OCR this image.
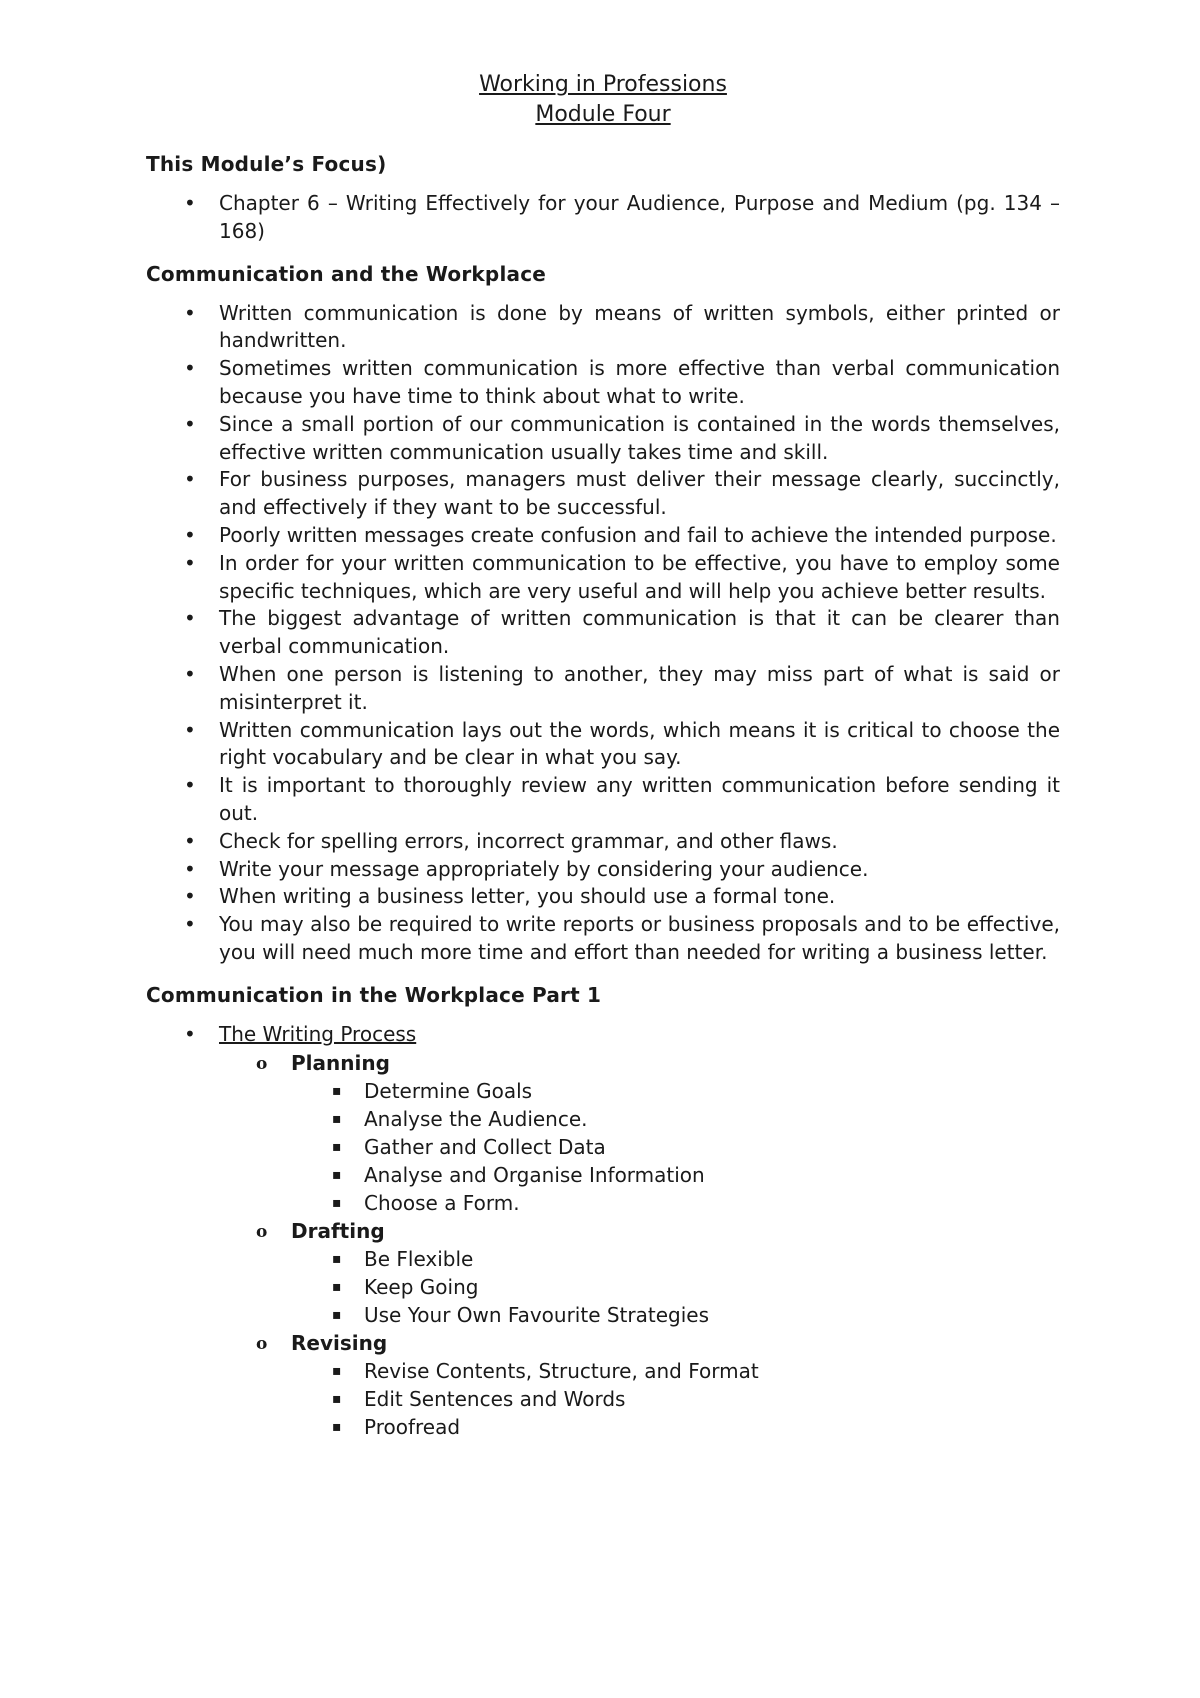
Working in Professions

Module Four

This Module’s Focus)
• Chapter 6 – Writing Effectively for your Audience, Purpose and Medium (pg. 134 – 168)
Communication and the Workplace
• Written communication is done by means of written symbols, either printed or handwritten.
• Sometimes written communication is more effective than verbal communication because you have time to think about what to write.
• Since a small portion of our communication is contained in the words themselves, effective written communication usually takes time and skill.
• For business purposes, managers must deliver their message clearly, succinctly, and effectively if they want to be successful.
• Poorly written messages create confusion and fail to achieve the intended purpose.
• In order for your written communication to be effective, you have to employ some specific techniques, which are very useful and will help you achieve better results.
• The biggest advantage of written communication is that it can be clearer than verbal communication.
• When one person is listening to another, they may miss part of what is said or misinterpret it.
• Written communication lays out the words, which means it is critical to choose the right vocabulary and be clear in what you say.
• It is important to thoroughly review any written communication before sending it out.
• Check for spelling errors, incorrect grammar, and other flaws.
• Write your message appropriately by considering your audience.
• When writing a business letter, you should use a formal tone.
• You may also be required to write reports or business proposals and to be effective, you will need much more time and effort than needed for writing a business letter.
Communication in the Workplace Part 1
• The Writing Process
o Planning
▪ Determine Goals
▪ Analyse the Audience.
▪ Gather and Collect Data
▪ Analyse and Organise Information
▪ Choose a Form.
o Drafting
▪ Be Flexible
▪ Keep Going
▪ Use Your Own Favourite Strategies
o Revising
▪ Revise Contents, Structure, and Format
▪ Edit Sentences and Words
▪ Proofread
